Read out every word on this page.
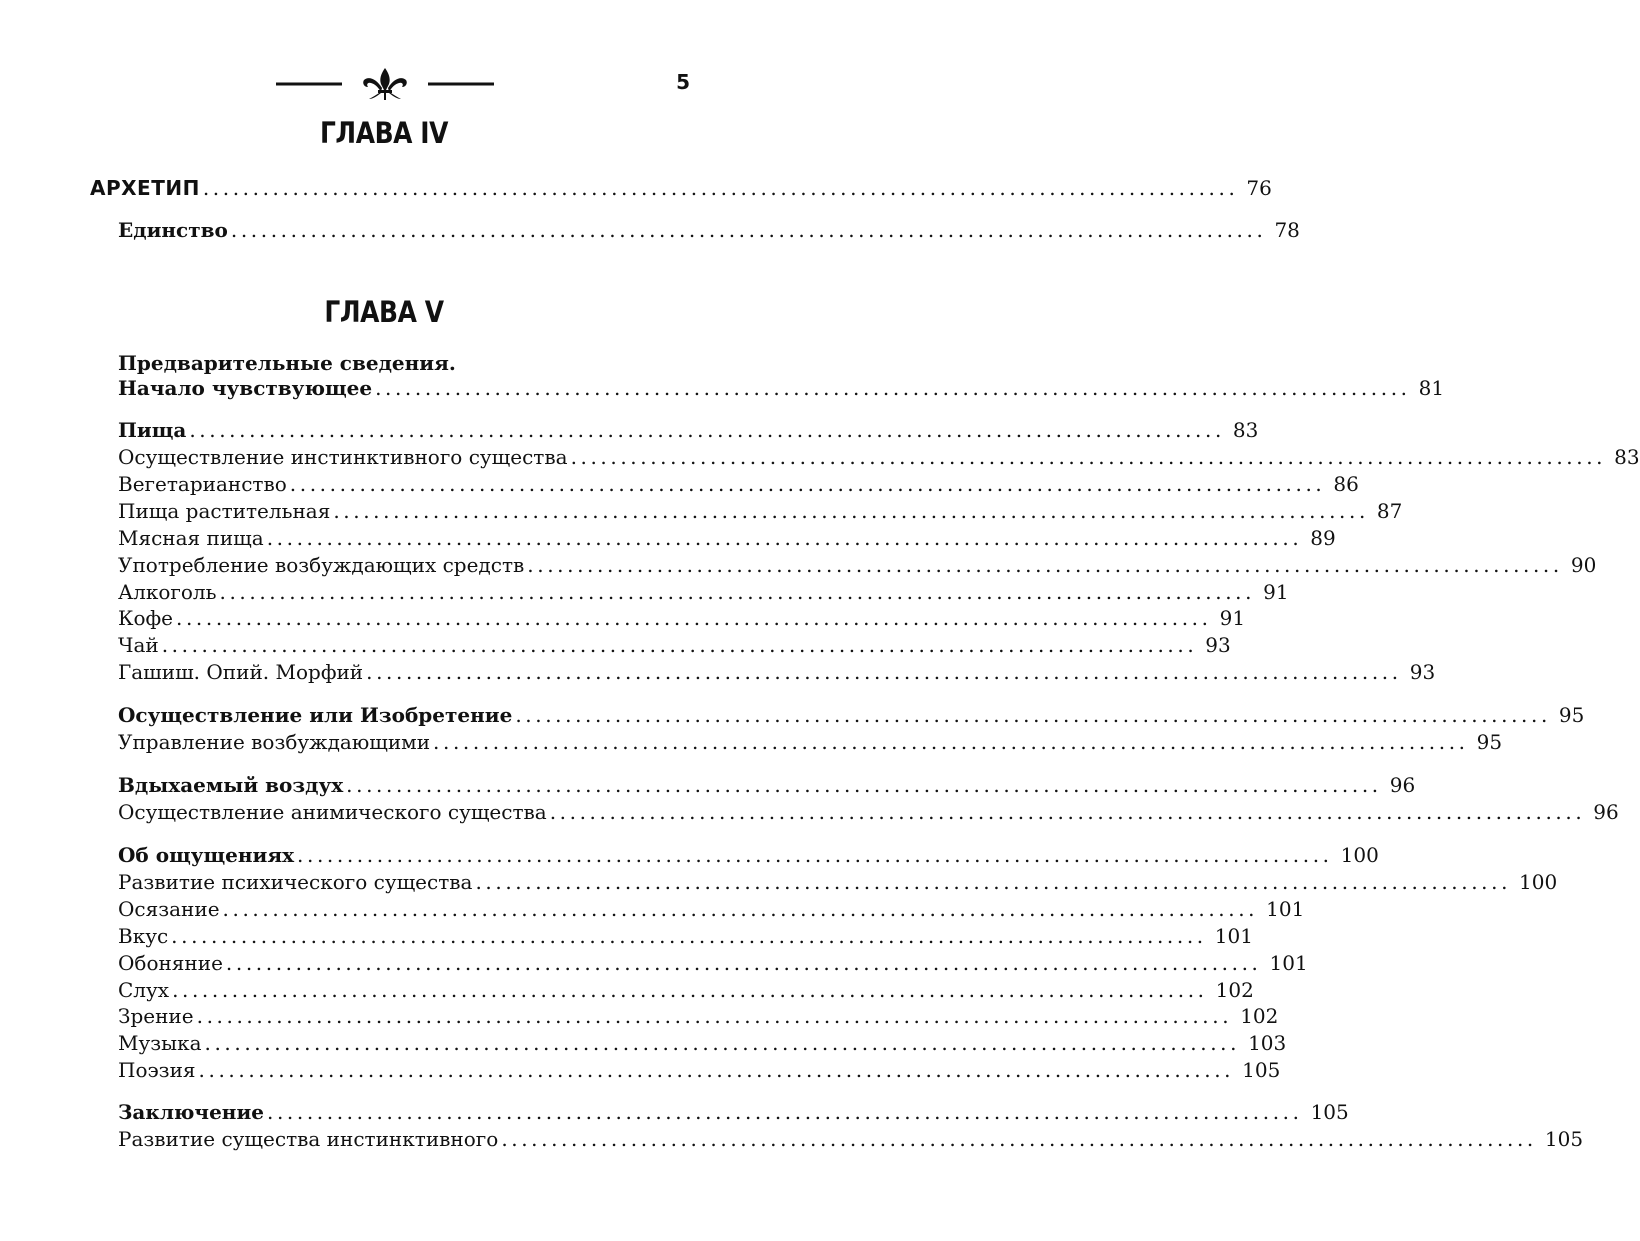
5
ГЛАВА IV
АРХЕТИП ........................................................................................................ 76
Единство ........................................................................................................ 78
ГЛАВА V
Предварительные сведения.
Начало чувствующее ........................................................................................................ 81
Пища ........................................................................................................ 83
Осуществление инстинктивного существа ........................................................................................................ 83
Вегетарианство ........................................................................................................ 86
Пища растительная ........................................................................................................ 87
Мясная пища ........................................................................................................ 89
Употребление возбуждающих средств ........................................................................................................ 90
Алкоголь ........................................................................................................ 91
Кофе ........................................................................................................ 91
Чай ........................................................................................................ 93
Гашиш. Опий. Морфий ........................................................................................................ 93
Осуществление или Изобретение ........................................................................................................ 95
Управление возбуждающими ........................................................................................................ 95
Вдыхаемый воздух ........................................................................................................ 96
Осуществление анимического существа ........................................................................................................ 96
Об ощущениях ........................................................................................................ 100
Развитие психического существа ........................................................................................................ 100
Осязание ........................................................................................................ 101
Вкус ........................................................................................................ 101
Обоняние ........................................................................................................ 101
Слух ........................................................................................................ 102
Зрение ........................................................................................................ 102
Музыка ........................................................................................................ 103
Поэзия ........................................................................................................ 105
Заключение ........................................................................................................ 105
Развитие существа инстинктивного ........................................................................................................ 105
